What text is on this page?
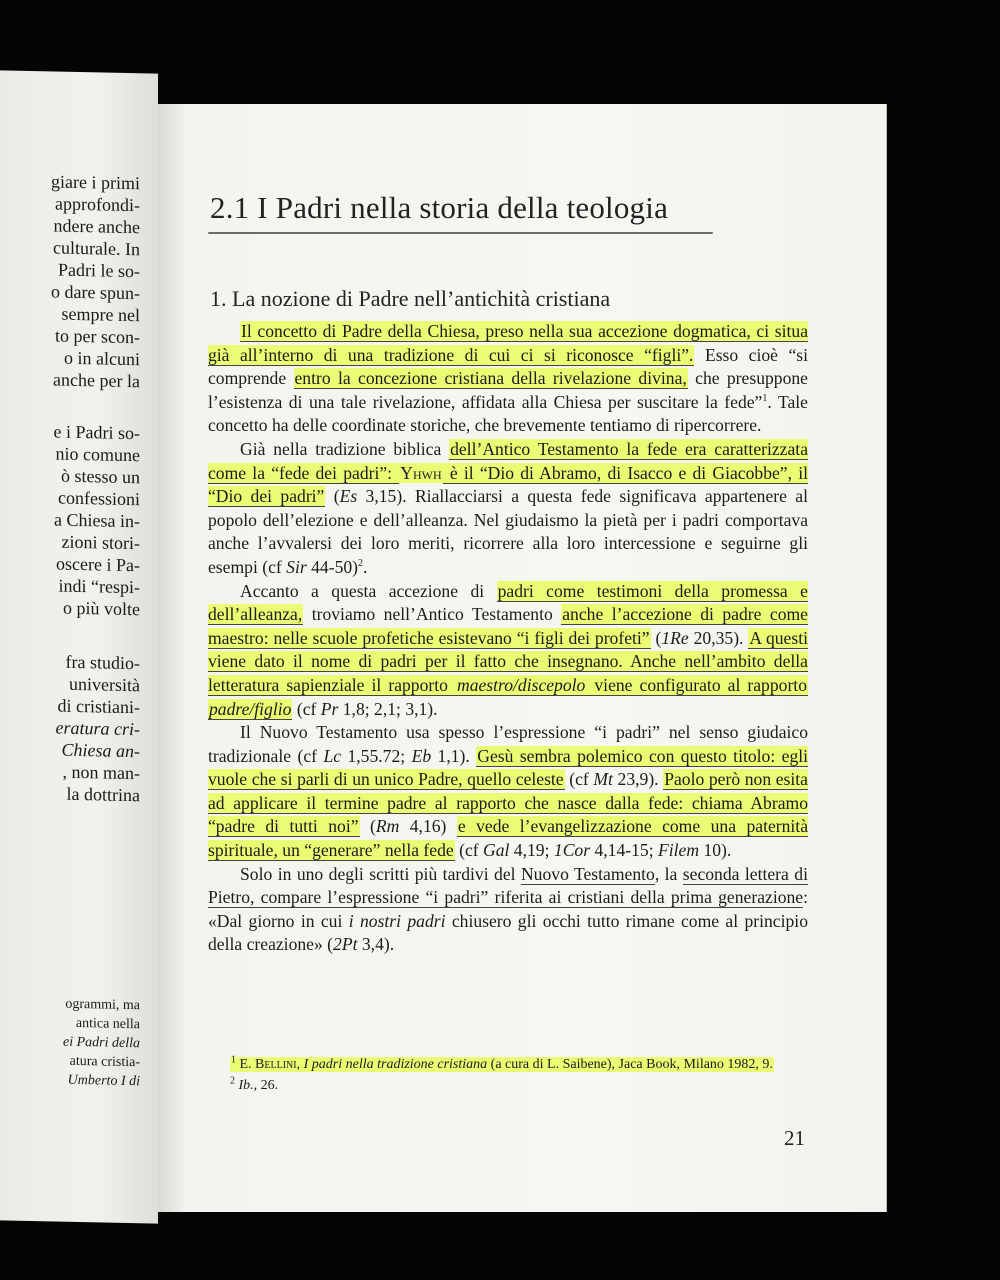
giare i primi
approfondi-
ndere anche
culturale. In
Padri le so-
o dare spun-
sempre nel
to per scon-
o in alcuni
anche per la
e i Padri so-
nio comune
ò stesso un
confessioni
a Chiesa in-
zioni stori-
oscere i Pa-
indi “respi-
o più volte
fra studio-
università
di cristiani-
eratura cri-
Chiesa an-
, non man-
la dottrina
ogrammi, ma
antica nella
ei Padri della
atura cristia-
Umberto I di
2.1 I Padri nella storia della teologia
1. La nozione di Padre nell’antichità cristiana

Il concetto di Padre della Chiesa, preso nella sua accezione dogmatica, ci situa già all’interno di una tradizione di cui ci si riconosce “figli”. Esso cioè “si comprende entro la concezione cristiana della rivelazione divina, che presuppone l’esistenza di una tale rivelazione, affidata alla Chiesa per suscitare la fede”$^1$. Tale concetto ha delle coordinate storiche, che brevemente tentiamo di ripercorrere.

Già nella tradizione biblica dell’Antico Testamento la fede era caratterizzata come la “fede dei padri”: Yhwh è il “Dio di Abramo, di Isacco e di Giacobbe”, il “Dio dei padri” (Es 3,15). Riallacciarsi a questa fede significava appartenere al popolo dell’elezione e dell’alleanza. Nel giudaismo la pietà per i padri comportava anche l’avvalersi dei loro meriti, ricorrere alla loro intercessione e seguirne gli esempi (cf Sir 44-50)$^2$.

Accanto a questa accezione di padri come testimoni della promessa e dell’alleanza, troviamo nell’Antico Testamento anche l’accezione di padre come maestro: nelle scuole profetiche esistevano “i figli dei profeti” (1Re 20,35). A questi viene dato il nome di padri per il fatto che insegnano. Anche nell’ambito della letteratura sapienziale il rapporto maestro/discepolo viene configurato al rapporto padre/figlio (cf Pr 1,8; 2,1; 3,1).

Il Nuovo Testamento usa spesso l’espressione “i padri” nel senso giudaico tradizionale (cf Lc 1,55.72; Eb 1,1). Gesù sembra polemico con questo titolo: egli vuole che si parli di un unico Padre, quello celeste (cf Mt 23,9). Paolo però non esita ad applicare il termine padre al rapporto che nasce dalla fede: chiama Abramo “padre di tutti noi” (Rm 4,16) e vede l’evangelizzazione come una paternità spirituale, un “generare” nella fede (cf Gal 4,19; 1Cor 4,14-15; Filem 10).

Solo in uno degli scritti più tardivi del Nuovo Testamento, la seconda lettera di Pietro, compare l’espressione “i padri” riferita ai cristiani della prima generazione: «Dal giorno in cui i nostri padri chiusero gli occhi tutto rimane come al principio della creazione» (2Pt 3,4).

$^1$ E. Bellini, I padri nella tradizione cristiana (a cura di L. Saibene), Jaca Book, Milano 1982, 9.

$^2$ Ib., 26.

21
